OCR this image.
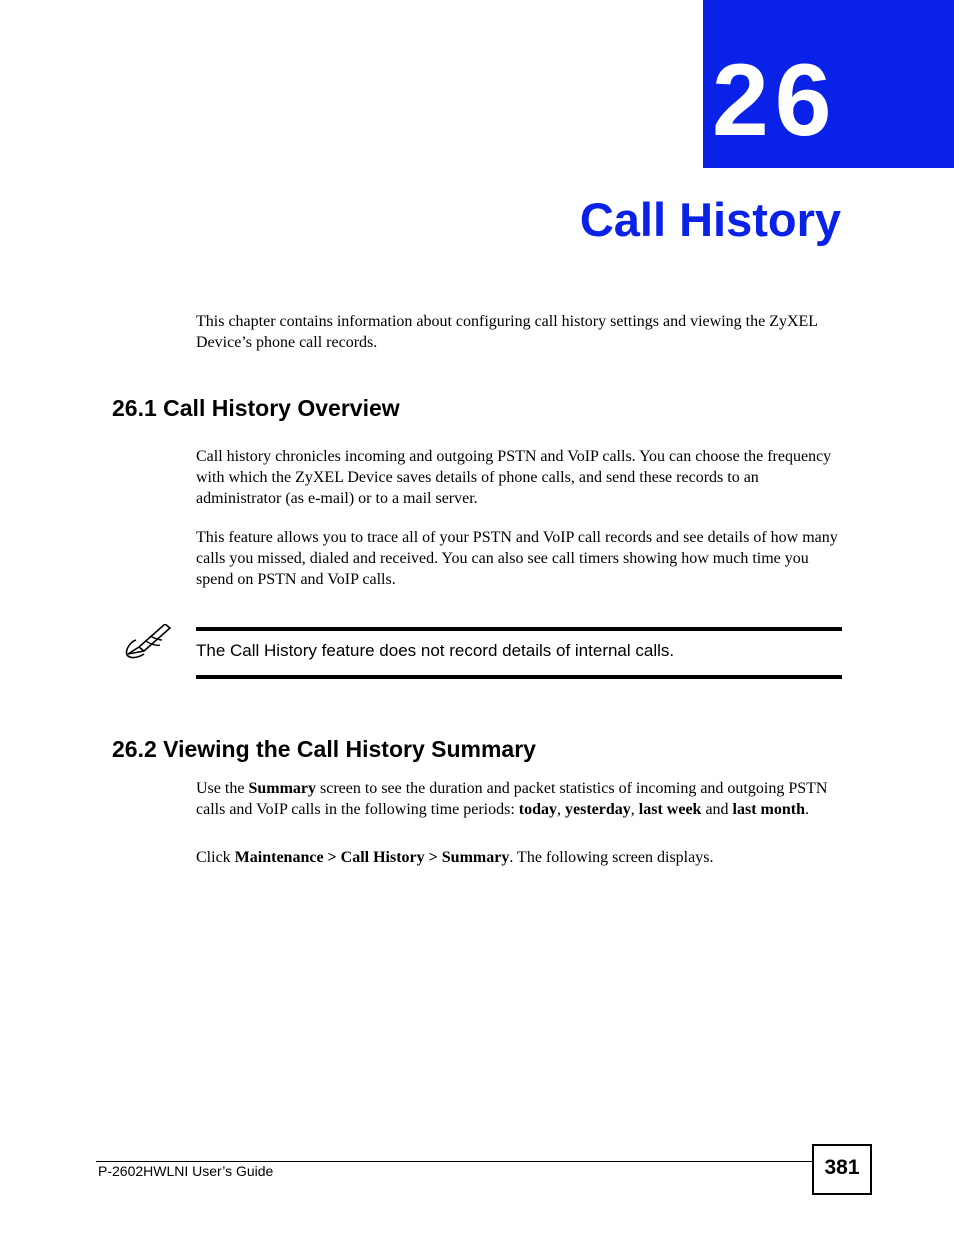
26
Call History

This chapter contains information about configuring call history settings and viewing the ZyXEL Device’s phone call records.

26.1 Call History Overview

Call history chronicles incoming and outgoing PSTN and VoIP calls. You can choose the frequency with which the ZyXEL Device saves details of phone calls, and send these records to an administrator (as e-mail) or to a mail server.

This feature allows you to trace all of your PSTN and VoIP call records and see details of how many calls you missed, dialed and received. You can also see call timers showing how much time you spend on PSTN and VoIP calls.

The Call History feature does not record details of internal calls.
26.2 Viewing the Call History Summary

Use the Summary screen to see the duration and packet statistics of incoming and outgoing PSTN calls and VoIP calls in the following time periods: today, yesterday, last week and last month.

Click Maintenance > Call History > Summary. The following screen displays.

P-2602HWLNI User’s Guide	381
